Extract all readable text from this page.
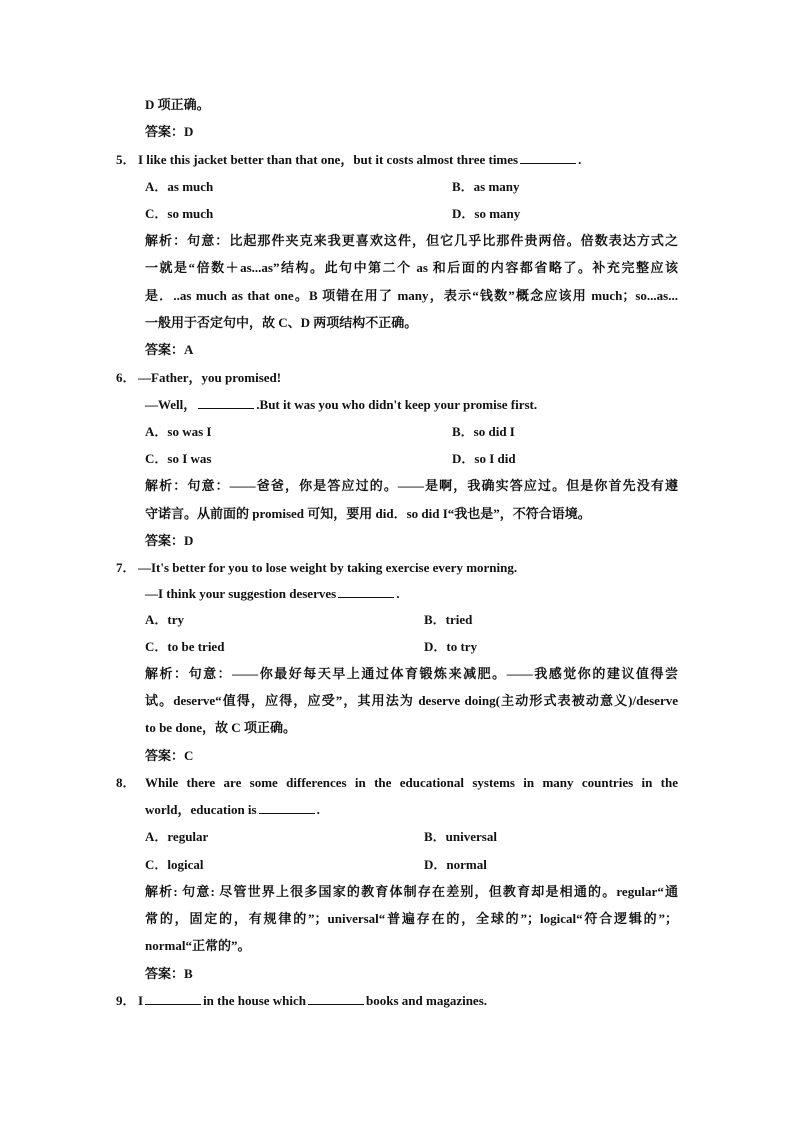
D 项正确。
答案：D
5． I like this jacket better than that one，but it costs almost three times	.
A．as much	B．as many
C．so much	D．so many
解析：句意：比起那件夹克来我更喜欢这件，但它几乎比那件贵两倍。倍数表达方式之
一就是“倍数＋as...as”结构。此句中第二个 as 和后面的内容都省略了。补充完整应该
是．..as much as that one。B 项错在用了 many，表示“钱数”概念应该用 much；so...as...
一般用于否定句中，故 C、D 两项结构不正确。
答案：A
6． —Father，you promised!
—Well，	.But it was you who didn't keep your promise first.
A．so was I	B．so did I
C．so I was	D．so I did
解析：句意：——爸爸，你是答应过的。——是啊，我确实答应过。但是你首先没有遵
守诺言。从前面的 promised 可知，要用 did．so did I“我也是”，不符合语境。
答案：D
7． —It's better for you to lose weight by taking exercise every morning.
—I think your suggestion deserves	.
A．try	B．tried
C．to be tried	D．to try
解析：句意：——你最好每天早上通过体育锻炼来减肥。——我感觉你的建议值得尝
试。deserve“值得，应得，应受”，其用法为 deserve doing(主动形式表被动意义)/deserve
to be done，故 C 项正确。
答案：C
8． While there are some differences in the educational systems in many countries in the
world，education is	.
A．regular	B．universal
C．logical	D．normal
解析: 句意: 尽管世界上很多国家的教育体制存在差别，但教育却是相通的。regular“通
常的，固定的，有规律的”；universal“普遍存在的，全球的”；logical“符合逻辑的”；
normal“正常的”。
答案：B
9． I	in the house which	books and magazines.
